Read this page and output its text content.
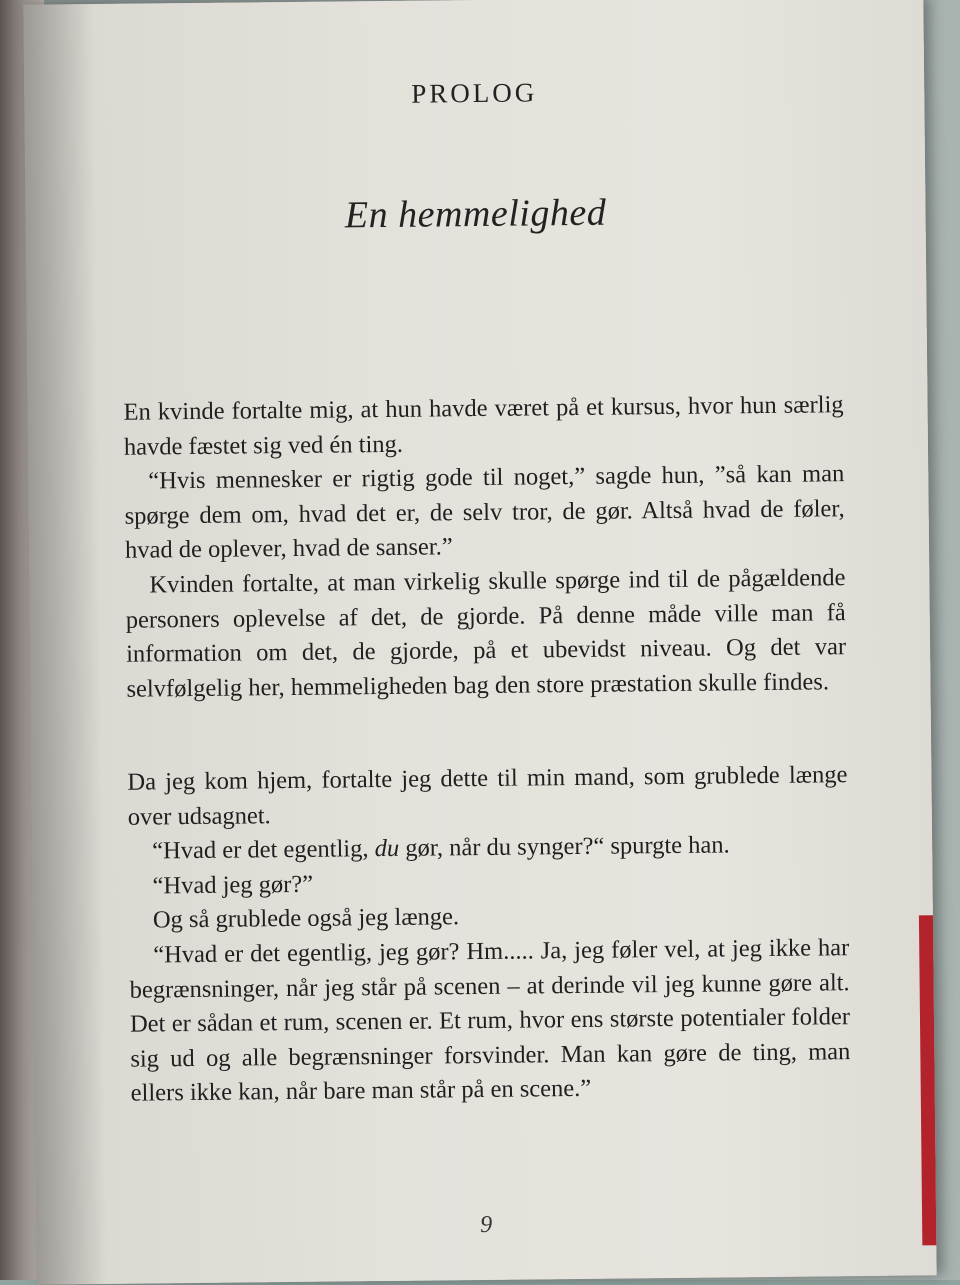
PROLOG
En hemmelighed

En kvinde fortalte mig, at hun havde været på et kursus, hvor hun særlig havde fæstet sig ved én ting.

“Hvis mennesker er rigtig gode til noget,” sagde hun, ”så kan man spørge dem om, hvad det er, de selv tror, de gør. Altså hvad de føler, hvad de oplever, hvad de sanser.”

Kvinden fortalte, at man virkelig skulle spørge ind til de pågældende personers oplevelse af det, de gjorde. På denne måde ville man få information om det, de gjorde, på et ubevidst niveau. Og det var selvfølgelig her, hemmeligheden bag den store præstation skulle findes.

Da jeg kom hjem, fortalte jeg dette til min mand, som grublede længe over udsagnet.

“Hvad er det egentlig, du gør, når du synger?“ spurgte han.

“Hvad jeg gør?”

Og så grublede også jeg længe.

“Hvad er det egentlig, jeg gør? Hm..... Ja, jeg føler vel, at jeg ikke har begrænsninger, når jeg står på scenen – at derinde vil jeg kunne gøre alt. Det er sådan et rum, scenen er. Et rum, hvor ens største potentialer folder sig ud og alle begrænsninger forsvinder. Man kan gøre de ting, man ellers ikke kan, når bare man står på en scene.”

9
